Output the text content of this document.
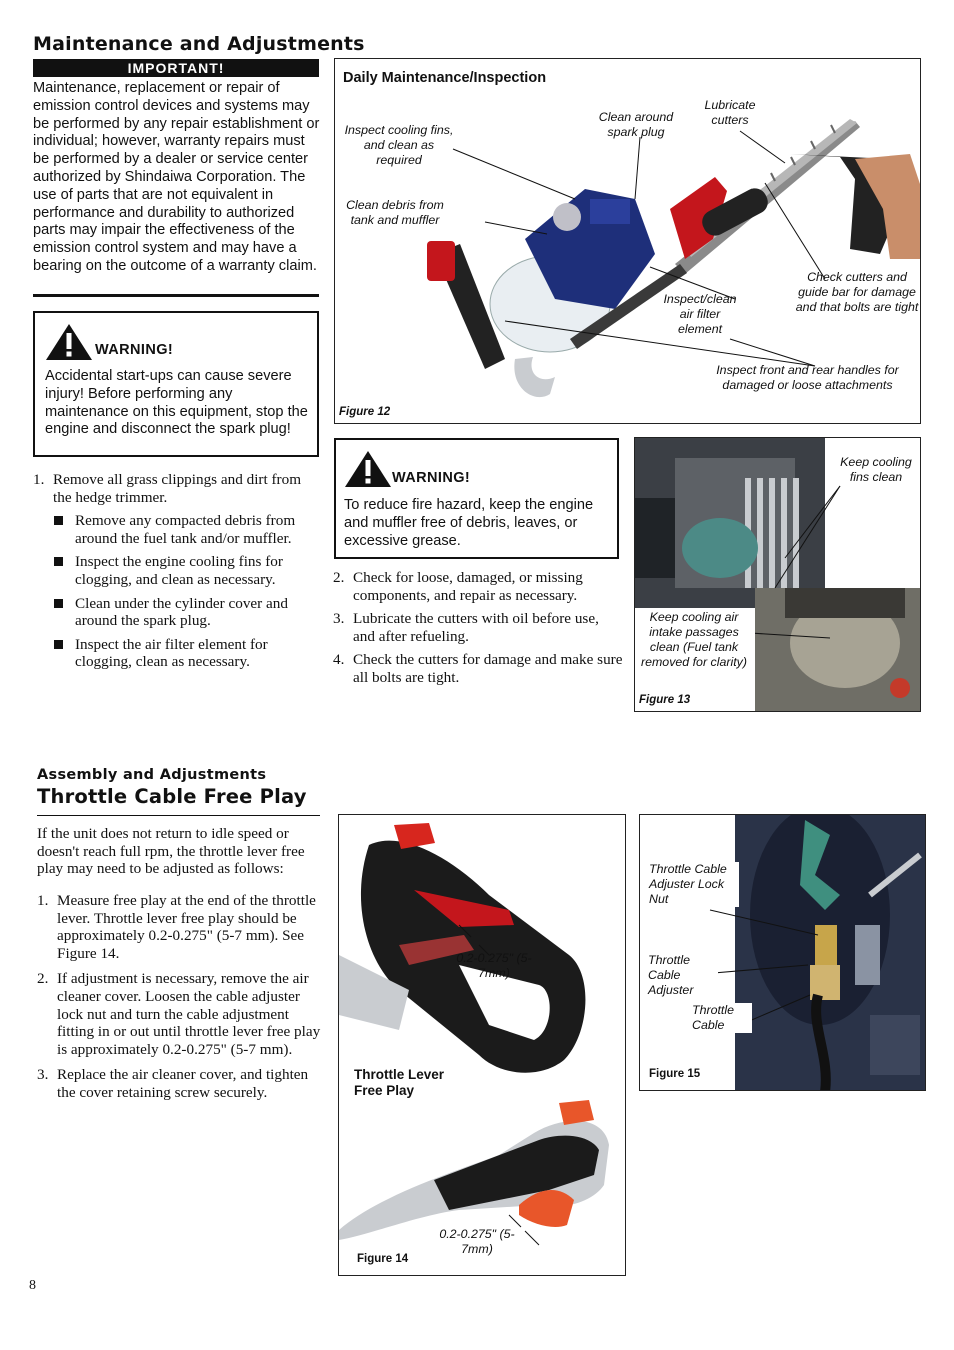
Maintenance and Adjustments
IMPORTANT!
Maintenance, replacement or repair of emission control devices and systems may be performed by any repair establishment or individual; however, warranty repairs must be performed by a dealer or service center authorized by Shindaiwa Corporation. The use of parts that are not equivalent in performance and durability to authorized parts may impair the effectiveness of the emission control system and may have a bearing on the outcome of a warranty claim.
WARNING!
Accidental start-ups can cause severe injury! Before performing any maintenance on this equipment, stop the engine and disconnect the spark plug!
1. Remove all grass clippings and dirt from the hedge trimmer.
Remove any compacted debris from around the fuel tank and/or muffler.
Inspect the engine cooling fins for clogging, and clean as necessary.
Clean under the cylinder cover and around the spark plug.
Inspect the air filter element for clogging, clean as necessary.
Daily Maintenance/Inspection
Inspect cooling fins, and clean as required
Clean debris from tank and muffler
Clean around spark plug
Lubricate cutters
Check cutters and guide bar for damage and that bolts are tight
Inspect/clean air filter element
Inspect front and rear handles for damaged or loose attachments
Figure 12
WARNING!
To reduce fire hazard, keep the engine and muffler free of debris, leaves, or excessive grease.
2. Check for loose, damaged, or missing components, and repair as necessary.
3. Lubricate the cutters with oil before use, and after refueling.
4. Check the cutters for damage and make sure all bolts are tight.
Keep cooling fins clean
Keep cooling air intake passages clean (Fuel tank removed for clarity)
Figure 13
Assembly and Adjustments
Throttle Cable Free Play
If the unit does not return to idle speed or doesn't reach full rpm, the throttle lever free play may need to be adjusted as follows:
1. Measure free play at the end of the throttle lever. Throttle lever free play should be approximately 0.2-0.275" (5-7 mm). See Figure 14.
2. If adjustment is necessary, remove the air cleaner cover. Loosen the cable adjuster lock nut and turn the cable adjustment fitting in or out until throttle lever free play is approximately 0.2-0.275" (5-7 mm).
3. Replace the air cleaner cover, and tighten the cover retaining screw securely.
0.2-0.275" (5-7mm)
Throttle Lever Free Play
0.2-0.275" (5-7mm)
Figure 14
Throttle Cable Adjuster Lock Nut
Throttle Cable Adjuster
Throttle Cable
Figure 15
8
